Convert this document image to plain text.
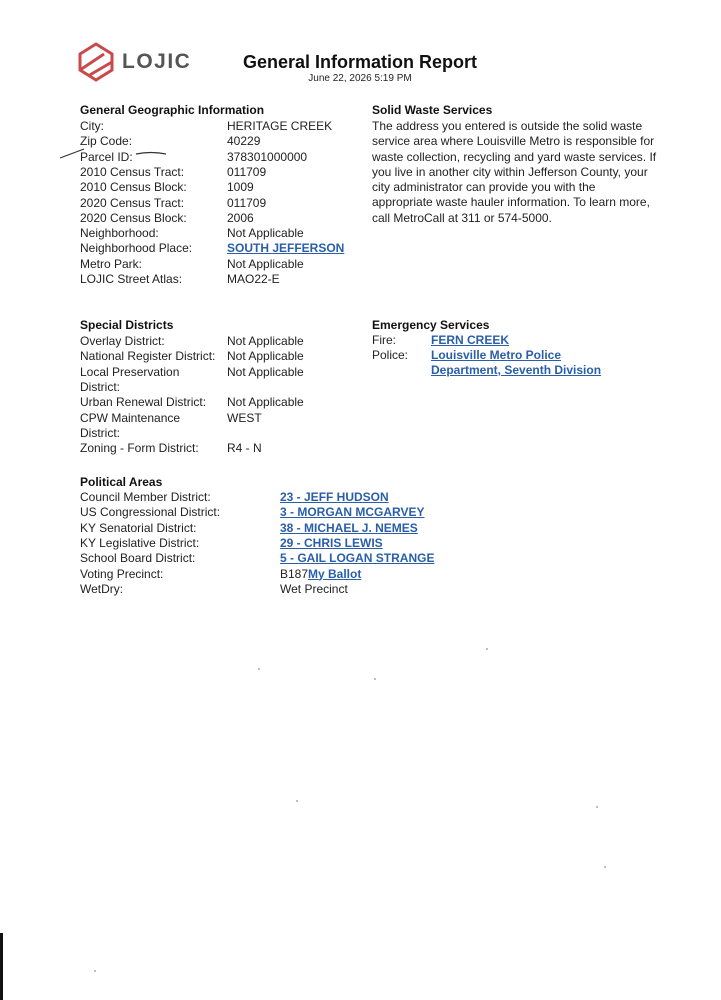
LOJIC	General Information Report
June 22, 2026 5:19 PM
General Geographic Information
City:	HERITAGE CREEK
Zip Code:	40229
Parcel ID:	378301000000
2010 Census Tract:	011709
2010 Census Block:	1009
2020 Census Tract:	011709
2020 Census Block:	2006
Neighborhood:	Not Applicable
Neighborhood Place:	SOUTH JEFFERSON
Metro Park:	Not Applicable
LOJIC Street Atlas:	MAO22-E
Solid Waste Services
The address you entered is outside the solid waste
service area where Louisville Metro is responsible for
waste collection, recycling and yard waste services. If
you live in another city within Jefferson County, your
city administrator can provide you with the
appropriate waste hauler information. To learn more,
call MetroCall at 311 or 574-5000.
Special Districts
Overlay District:	Not Applicable
National Register District: Not Applicable
Local Preservation
District:
Not Applicable
Urban Renewal District: Not Applicable
CPW Maintenance
District:
WEST
Zoning - Form District: R4 - N
Emergency Services
Fire:	FERN CREEK
Police: Louisville Metro Police
Department, Seventh Division
Political Areas
Council Member District:	23 - JEFF HUDSON
US Congressional District:	3 - MORGAN MCGARVEY
KY Senatorial District:	38 - MICHAEL J. NEMES
KY Legislative District:	29 - CHRIS LEWIS
School Board District:	5 - GAIL LOGAN STRANGE
Voting Precinct:	B187 My Ballot
WetDry:	Wet Precinct
